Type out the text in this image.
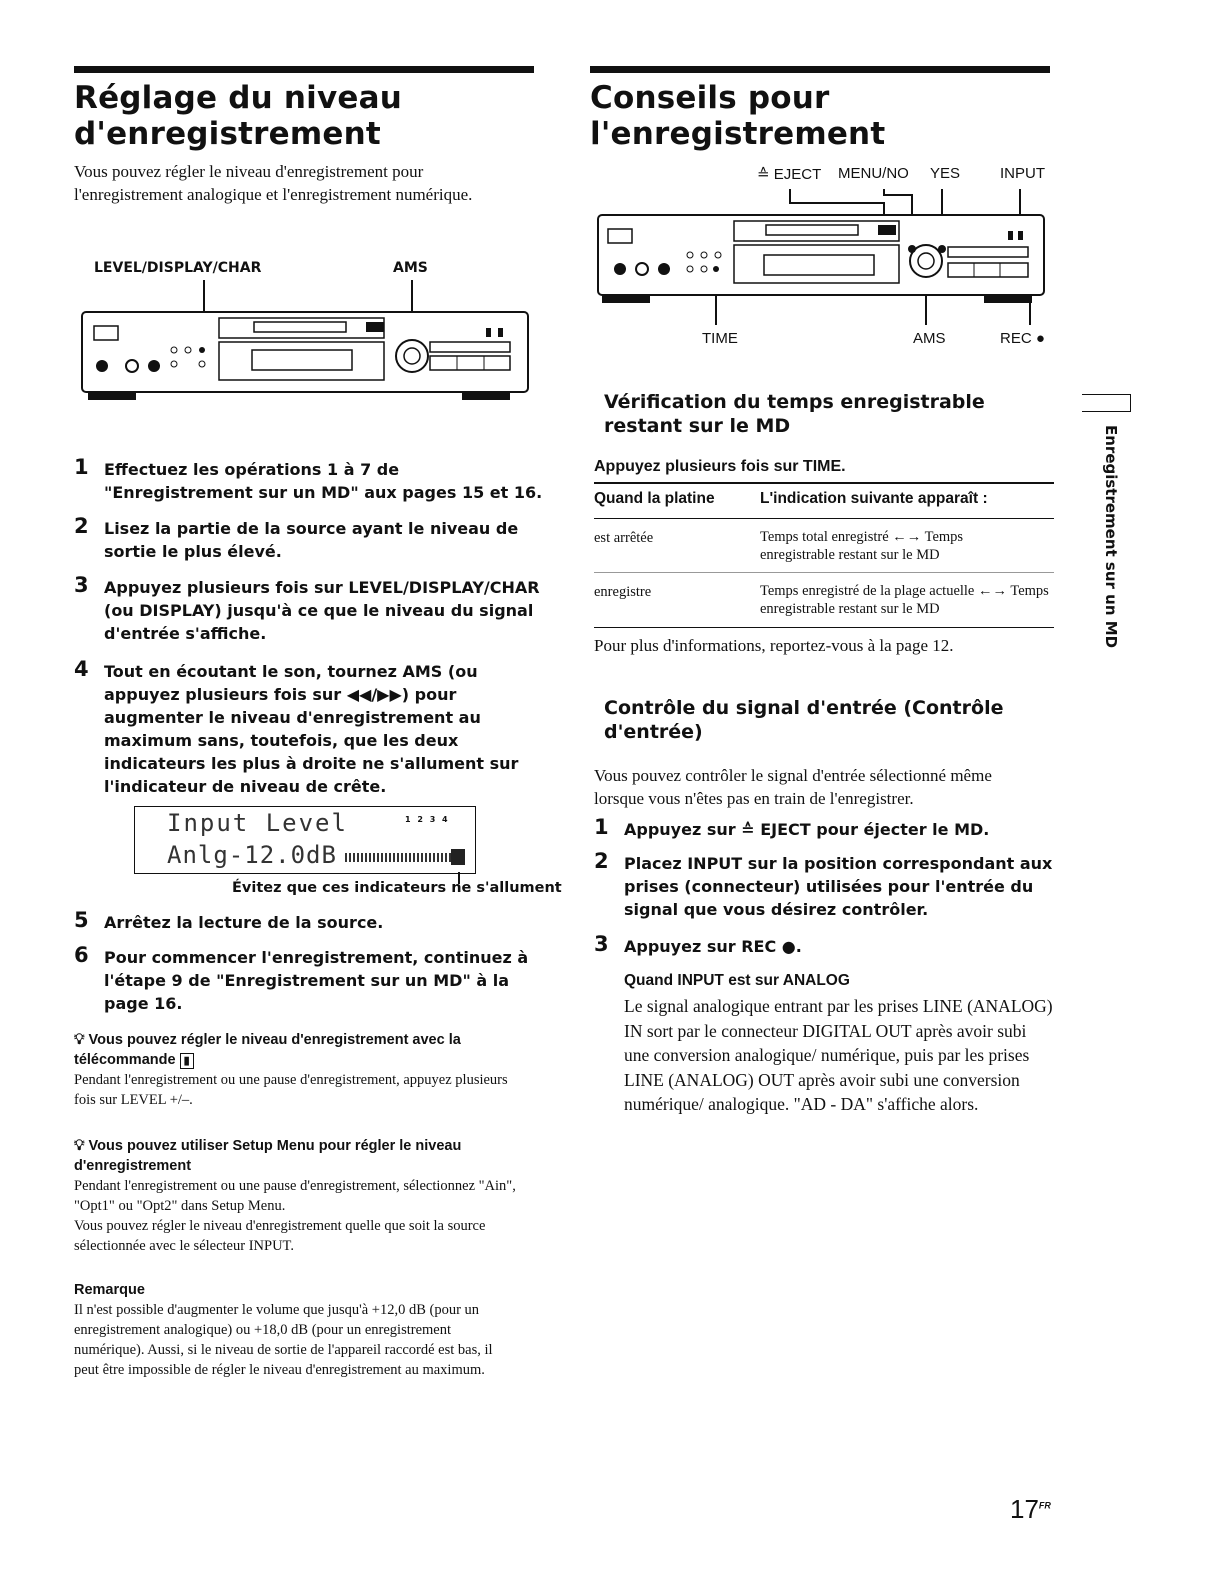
Réglage du niveau
d'enregistrement
Vous pouvez régler le niveau d'enregistrement pour l'enregistrement analogique et l'enregistrement numérique.
LEVEL/DISPLAY/CHAR	AMS
1 Effectuez les opérations 1 à 7 de "Enregistrement sur un MD" aux pages 15 et 16.
2 Lisez la partie de la source ayant le niveau de sortie le plus élevé.
3 Appuyez plusieurs fois sur LEVEL/DISPLAY/CHAR (ou DISPLAY) jusqu'à ce que le niveau du signal d'entrée s'affiche.
4 Tout en écoutant le son, tournez AMS (ou appuyez plusieurs fois sur ◀◀/▶▶) pour augmenter le niveau d'enregistrement au maximum sans, toutefois, que les deux indicateurs les plus à droite ne s'allument sur l'indicateur de niveau de crête.
Input Level	1 2 3 4
Anlg-12.0dB
Évitez que ces indicateurs ne s'allument
5 Arrêtez la lecture de la source.
6 Pour commencer l'enregistrement, continuez à l'étape 9 de "Enregistrement sur un MD" à la page 16.
💡︎ Vous pouvez régler le niveau d'enregistrement avec la télécommande ▮
Pendant l'enregistrement ou une pause d'enregistrement, appuyez plusieurs fois sur LEVEL +/–.
💡︎ Vous pouvez utiliser Setup Menu pour régler le niveau d'enregistrement
Pendant l'enregistrement ou une pause d'enregistrement, sélectionnez "Ain", "Opt1" ou "Opt2" dans Setup Menu.
Vous pouvez régler le niveau d'enregistrement quelle que soit la source sélectionnée avec le sélecteur INPUT.
Remarque
Il n'est possible d'augmenter le volume que jusqu'à +12,0 dB (pour un enregistrement analogique) ou +18,0 dB (pour un enregistrement numérique). Aussi, si le niveau de sortie de l'appareil raccordé est bas, il peut être impossible de régler le niveau d'enregistrement au maximum.
Conseils pour
l'enregistrement
≙ EJECT MENU/NO YES	INPUT
TIME	AMS	REC ●
Vérification du temps enregistrable
restant sur le MD
Appuyez plusieurs fois sur TIME.
Quand la platine	L'indication suivante apparaît :
est arrêtée	Temps total enregistré ←→ Temps enregistrable restant sur le MD
enregistre	Temps enregistré de la plage actuelle ←→ Temps enregistrable restant sur le MD
Pour plus d'informations, reportez-vous à la page 12.
Contrôle du signal d'entrée (Contrôle
d'entrée)
Vous pouvez contrôler le signal d'entrée sélectionné même lorsque vous n'êtes pas en train de l'enregistrer.
1 Appuyez sur ≙ EJECT pour éjecter le MD.
2 Placez INPUT sur la position correspondant aux prises (connecteur) utilisées pour l'entrée du signal que vous désirez contrôler.
3 Appuyez sur REC ●.
Quand INPUT est sur ANALOG
Le signal analogique entrant par les prises LINE (ANALOG) IN sort par le connecteur DIGITAL OUT après avoir subi une conversion analogique/ numérique, puis par les prises LINE (ANALOG) OUT après avoir subi une conversion numérique/ analogique. "AD - DA" s'affiche alors.
Enregistrement sur un MD
$17^{FR}$
